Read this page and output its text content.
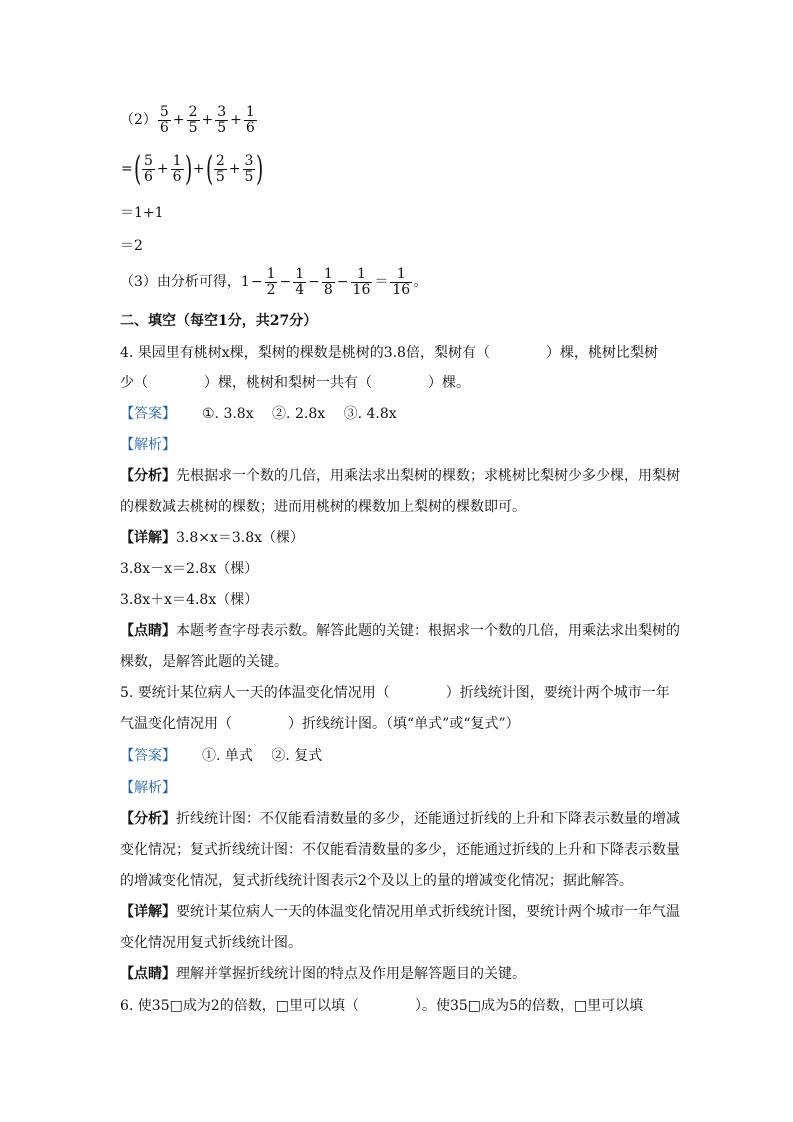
$(2) \frac{5}{6} + \frac{2}{5} + \frac{3}{5} + \frac{1}{6}$
= ( $\frac{5}{6} + \frac{1}{6}$ ) + ( $\frac{2}{5} + \frac{3}{5}$ )
＝1+1
＝2
（3）由分析可得，$1 - \frac{1}{2} - \frac{1}{4} - \frac{1}{8} - \frac{1}{16} = \frac{1}{16}$ 。
二、填空（每空1分，共27分）
4. 果园里有桃树x棵，梨树的棵数是桃树的3.8倍，梨树有（　　　　）棵，桃树比梨树
少（　　　　）棵，桃树和梨树一共有（　　　　）棵。
【答案】 ①. 3.8x　 ②. 2.8x　 ③. 4.8x
【解析】
【分析】先根据求一个数的几倍，用乘法求出梨树的棵数；求桃树比梨树少多少棵，用梨树
的棵数减去桃树的棵数；进而用桃树的棵数加上梨树的棵数即可。
【详解】3.8×x＝3.8x（棵）
3.8x－x＝2.8x（棵）
3.8x＋x＝4.8x（棵）
【点睛】本题考查字母表示数。解答此题的关键：根据求一个数的几倍，用乘法求出梨树的
棵数，是解答此题的关键。
5. 要统计某位病人一天的体温变化情况用（　　　　）折线统计图，要统计两个城市一年
气温变化情况用（　　　　）折线统计图。（填“单式”或“复式”）
【答案】 ①. 单式　 ②. 复式
【解析】
【分析】折线统计图：不仅能看清数量的多少，还能通过折线的上升和下降表示数量的增减
变化情况；复式折线统计图：不仅能看清数量的多少，还能通过折线的上升和下降表示数量
的增减变化情况，复式折线统计图表示2个及以上的量的增减变化情况；据此解答。
【详解】要统计某位病人一天的体温变化情况用单式折线统计图，要统计两个城市一年气温
变化情况用复式折线统计图。
【点睛】理解并掌握折线统计图的特点及作用是解答题目的关键。
6. 使35□成为2的倍数，□里可以填（　　　　）。使35□成为5的倍数，□里可以填
